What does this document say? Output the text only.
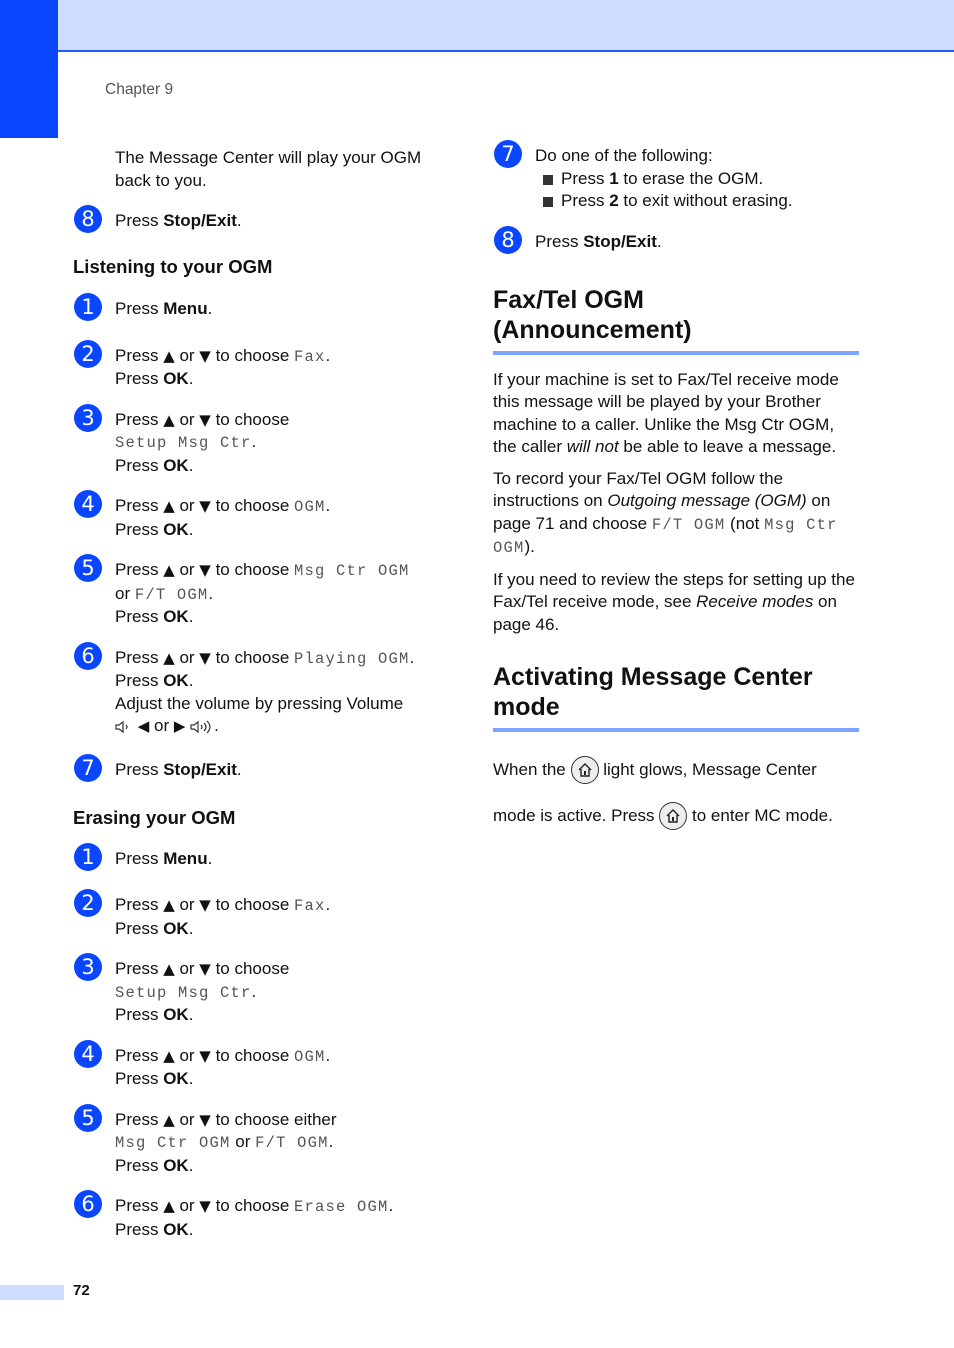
Chapter 9

The Message Center will play your OGM back to you.

8	Press Stop/Exit.
Listening to your OGM
1	Press Menu.
2	Press ▲ or ▼ to choose Fax.
Press OK.
3	Press ▲ or ▼ to choose
Setup Msg Ctr.
Press OK.
4	Press ▲ or ▼ to choose OGM.
Press OK.
5	Press ▲ or ▼ to choose Msg Ctr OGM
or F/T OGM.
Press OK.
6	Press ▲ or ▼ to choose Playing OGM.
Press OK.
Adjust the volume by pressing Volume
◀ or ▶ .
7	Press Stop/Exit.
Erasing your OGM
1	Press Menu.
2	Press ▲ or ▼ to choose Fax.
Press OK.
3	Press ▲ or ▼ to choose
Setup Msg Ctr.
Press OK.
4	Press ▲ or ▼ to choose OGM.
Press OK.
5	Press ▲ or ▼ to choose either
Msg Ctr OGM or F/T OGM.
Press OK.
6	Press ▲ or ▼ to choose Erase OGM.
Press OK.
7	Do one of the following:
Press 1 to erase the OGM.
Press 2 to exit without erasing.
8	Press Stop/Exit.
Fax/Tel OGM
(Announcement)

If your machine is set to Fax/Tel receive mode this message will be played by your Brother machine to a caller. Unlike the Msg Ctr OGM, the caller will not be able to leave a message.

To record your Fax/Tel OGM follow the instructions on Outgoing message (OGM) on page 71 and choose F/T OGM (not Msg Ctr OGM).

If you need to review the steps for setting up the Fax/Tel receive mode, see Receive modes on page 46.

Activating Message Center
mode

When the
light glows, Message Center

mode is active. Press
to enter MC mode.

72
